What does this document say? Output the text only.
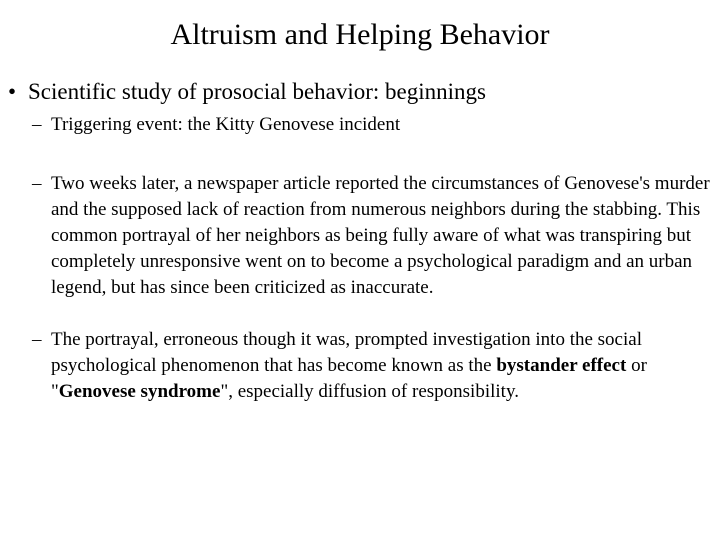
Altruism and Helping Behavior
• Scientific study of prosocial behavior: beginnings
– Triggering event: the Kitty Genovese incident
– Two weeks later, a newspaper article reported the circumstances of Genovese's murder and the supposed lack of reaction from numerous neighbors during the stabbing. This common portrayal of her neighbors as being fully aware of what was transpiring but completely unresponsive went on to become a psychological paradigm and an urban legend, but has since been criticized as inaccurate.
– The portrayal, erroneous though it was, prompted investigation into the social psychological phenomenon that has become known as the bystander effect or "Genovese syndrome", especially diffusion of responsibility.
